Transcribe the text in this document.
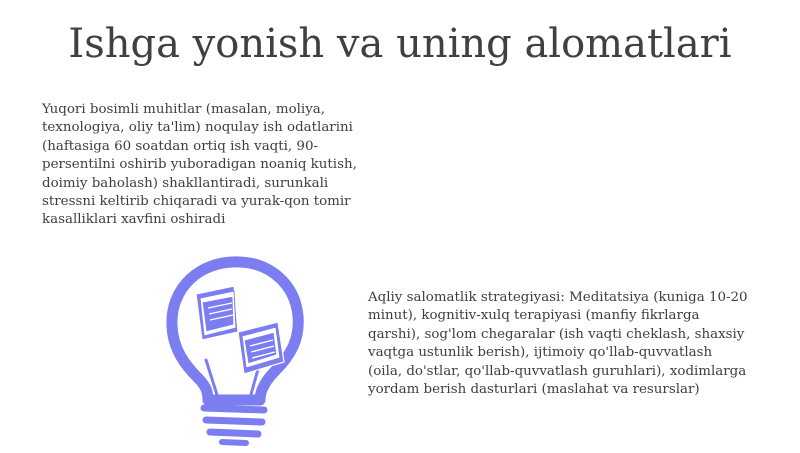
Ishga yonish va uning alomatlari
Yuqori bosimli muhitlar (masalan, moliya, texnologiya, oliy ta'lim) noqulay ish odatlarini (haftasiga 60 soatdan ortiq ish vaqti, 90-persentilni oshirib yuboradigan noaniq kutish, doimiy baholash) shakllantiradi, surunkali stressni keltirib chiqaradi va yurak-qon tomir kasalliklari xavfini oshiradi
Aqliy salomatlik strategiyasi: Meditatsiya (kuniga 10-20 minut), kognitiv-xulq terapiyasi (manfiy fikrlarga qarshi), sog'lom chegaralar (ish vaqti cheklash, shaxsiy vaqtga ustunlik berish), ijtimoiy qo'llab-quvvatlash (oila, do'stlar, qo'llab-quvvatlash guruhlari), xodimlarga yordam berish dasturlari (maslahat va resurslar)
